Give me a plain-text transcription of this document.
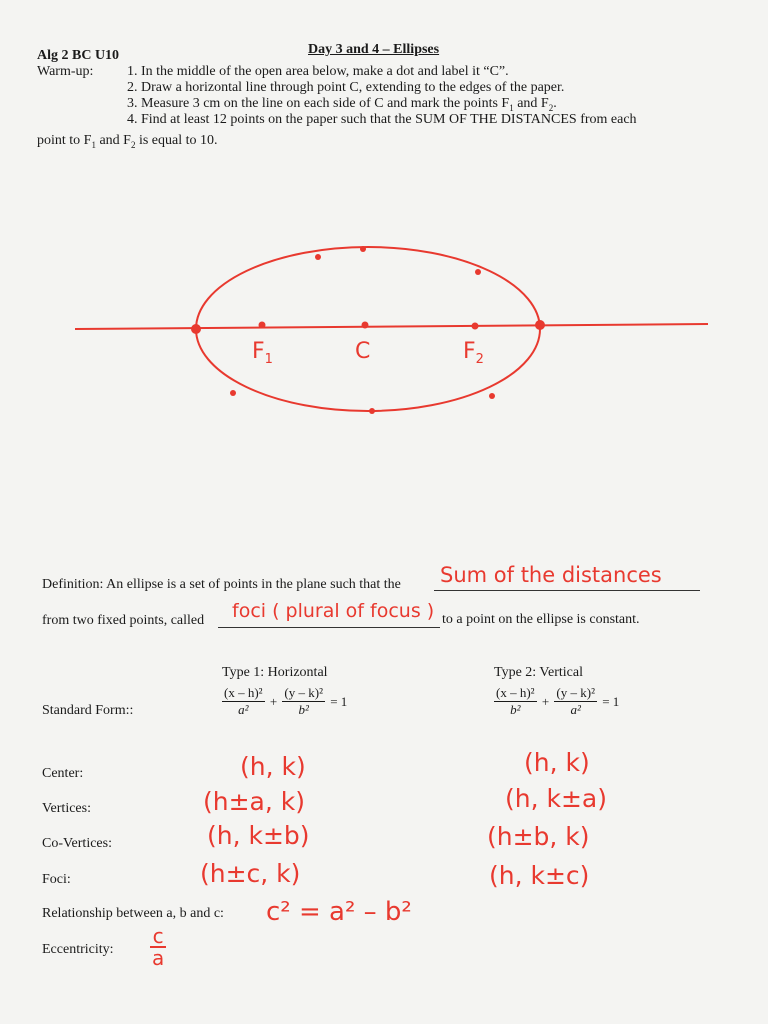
Alg 2 BC U10	Day 3 and 4 – Ellipses
Warm-up: 1. In the middle of the open area below, make a dot and label it “C”.
2. Draw a horizontal line through point C, extending to the edges of the paper.
3. Measure 3 cm on the line on each side of C and mark the points $F_1$ and $F_2$.
4. Find at least 12 points on the paper such that the SUM OF THE DISTANCES from each
point to $F_1$ and $F_2$ is equal to 10.
$F_1$	C	$F_2$
Definition: An ellipse is a set of points in the plane such that the Sum of the distances
from two fixed points, called foci ( plural of focus ) to a point on the ellipse is constant.
Type 1: Horizontal	Type 2: Vertical
Standard Form::	$\frac{\text{(x – h)²}}{\text{a²}} + \frac{\text{(y – k)²}}{\text{b²}} = 1$	$\frac{\text{(x – h)²}}{\text{b²}} + \frac{\text{(y – k)²}}{\text{a²}} = 1$
Center:	(h, k)	(h, k)
Vertices:	(h±a, k)	(h, k±a)
Co-Vertices:	(h, k±b)	(h±b, k)
Foci:	(h±c, k)	(h, k±c)
Relationship between a, b and c: c² = a² – b²
Eccentricity: $\frac{c}{a}$
